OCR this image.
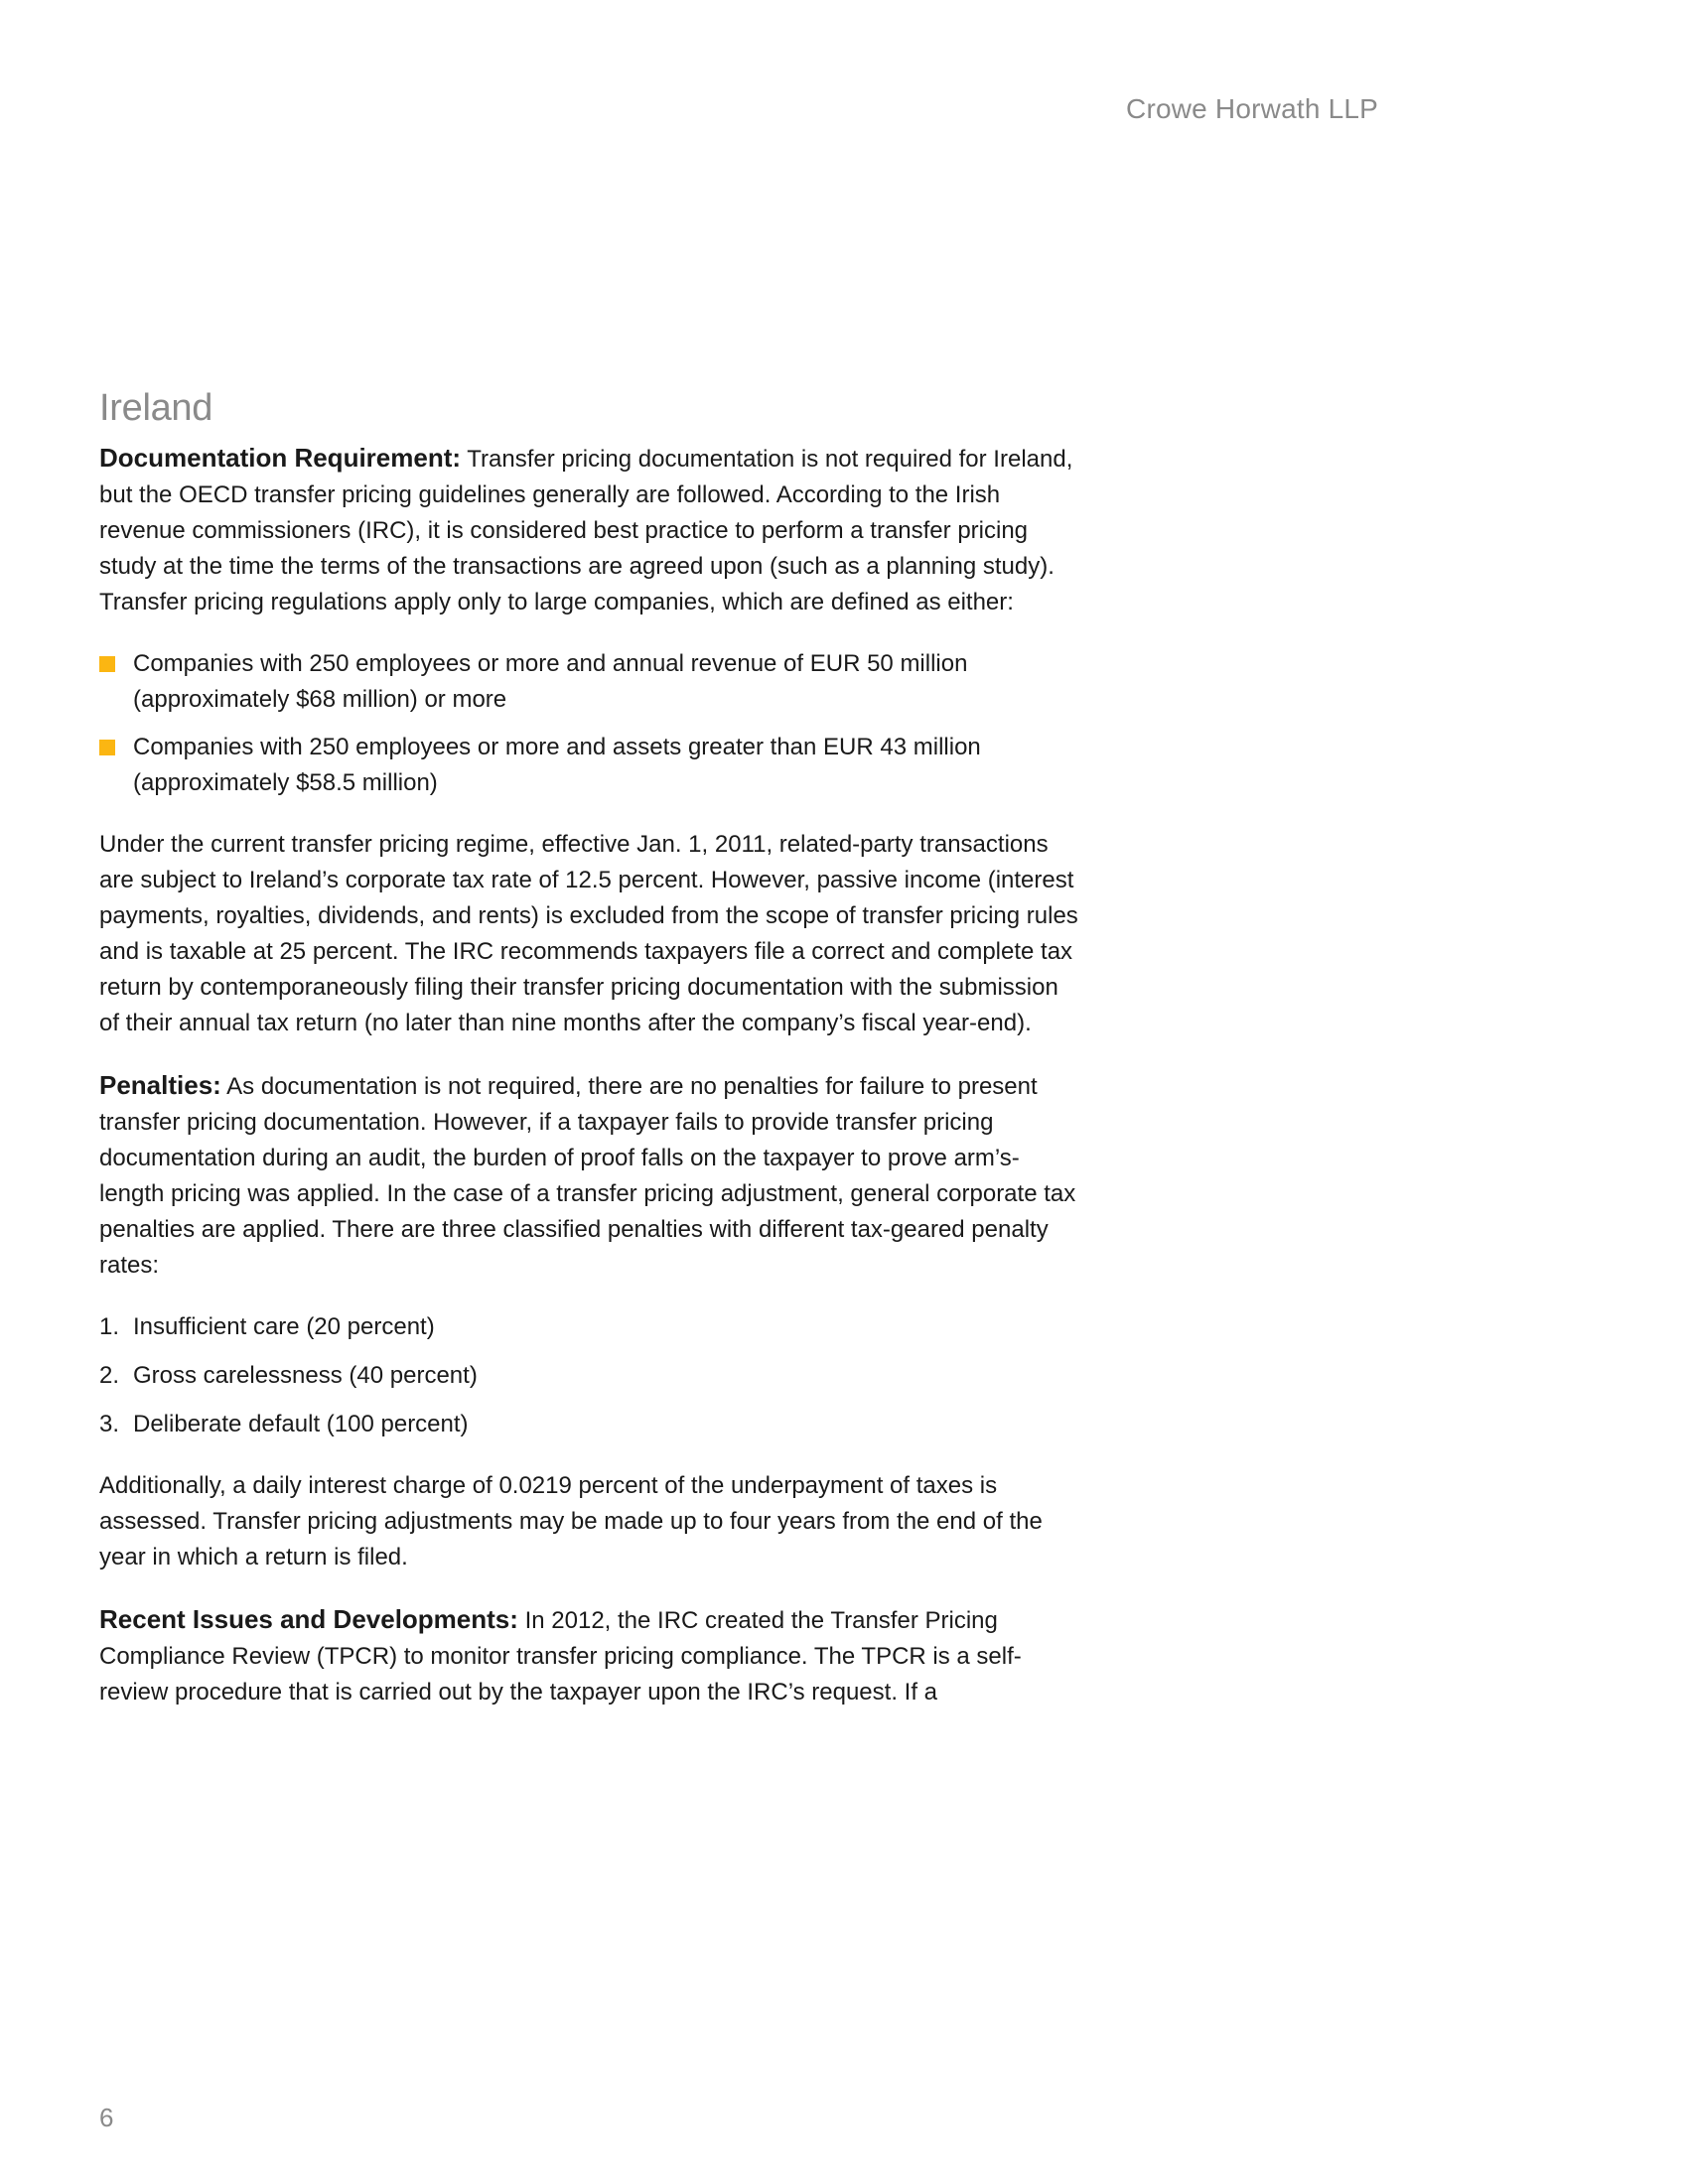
Crowe Horwath LLP
Ireland

Documentation Requirement: Transfer pricing documentation is not required for Ireland, but the OECD transfer pricing guidelines generally are followed. According to the Irish revenue commissioners (IRC), it is considered best practice to perform a transfer pricing study at the time the terms of the transactions are agreed upon (such as a planning study). Transfer pricing regulations apply only to large companies, which are defined as either:

Companies with 250 employees or more and annual revenue of EUR 50 million (approximately $68 million) or more
Companies with 250 employees or more and assets greater than EUR 43 million (approximately $58.5 million)

Under the current transfer pricing regime, effective Jan. 1, 2011, related-party transactions are subject to Ireland’s corporate tax rate of 12.5 percent. However, passive income (interest payments, royalties, dividends, and rents) is excluded from the scope of transfer pricing rules and is taxable at 25 percent. The IRC recommends taxpayers file a correct and complete tax return by contemporaneously filing their transfer pricing documentation with the submission of their annual tax return (no later than nine months after the company’s fiscal year-end).

Penalties: As documentation is not required, there are no penalties for failure to present transfer pricing documentation. However, if a taxpayer fails to provide transfer pricing documentation during an audit, the burden of proof falls on the taxpayer to prove arm’s-length pricing was applied. In the case of a transfer pricing adjustment, general corporate tax penalties are applied. There are three classified penalties with different tax-geared penalty rates:

1. Insufficient care (20 percent)
2. Gross carelessness (40 percent)
3. Deliberate default (100 percent)

Additionally, a daily interest charge of 0.0219 percent of the underpayment of taxes is assessed. Transfer pricing adjustments may be made up to four years from the end of the year in which a return is filed.

Recent Issues and Developments: In 2012, the IRC created the Transfer Pricing Compliance Review (TPCR) to monitor transfer pricing compliance. The TPCR is a self-review procedure that is carried out by the taxpayer upon the IRC’s request. If a

6
